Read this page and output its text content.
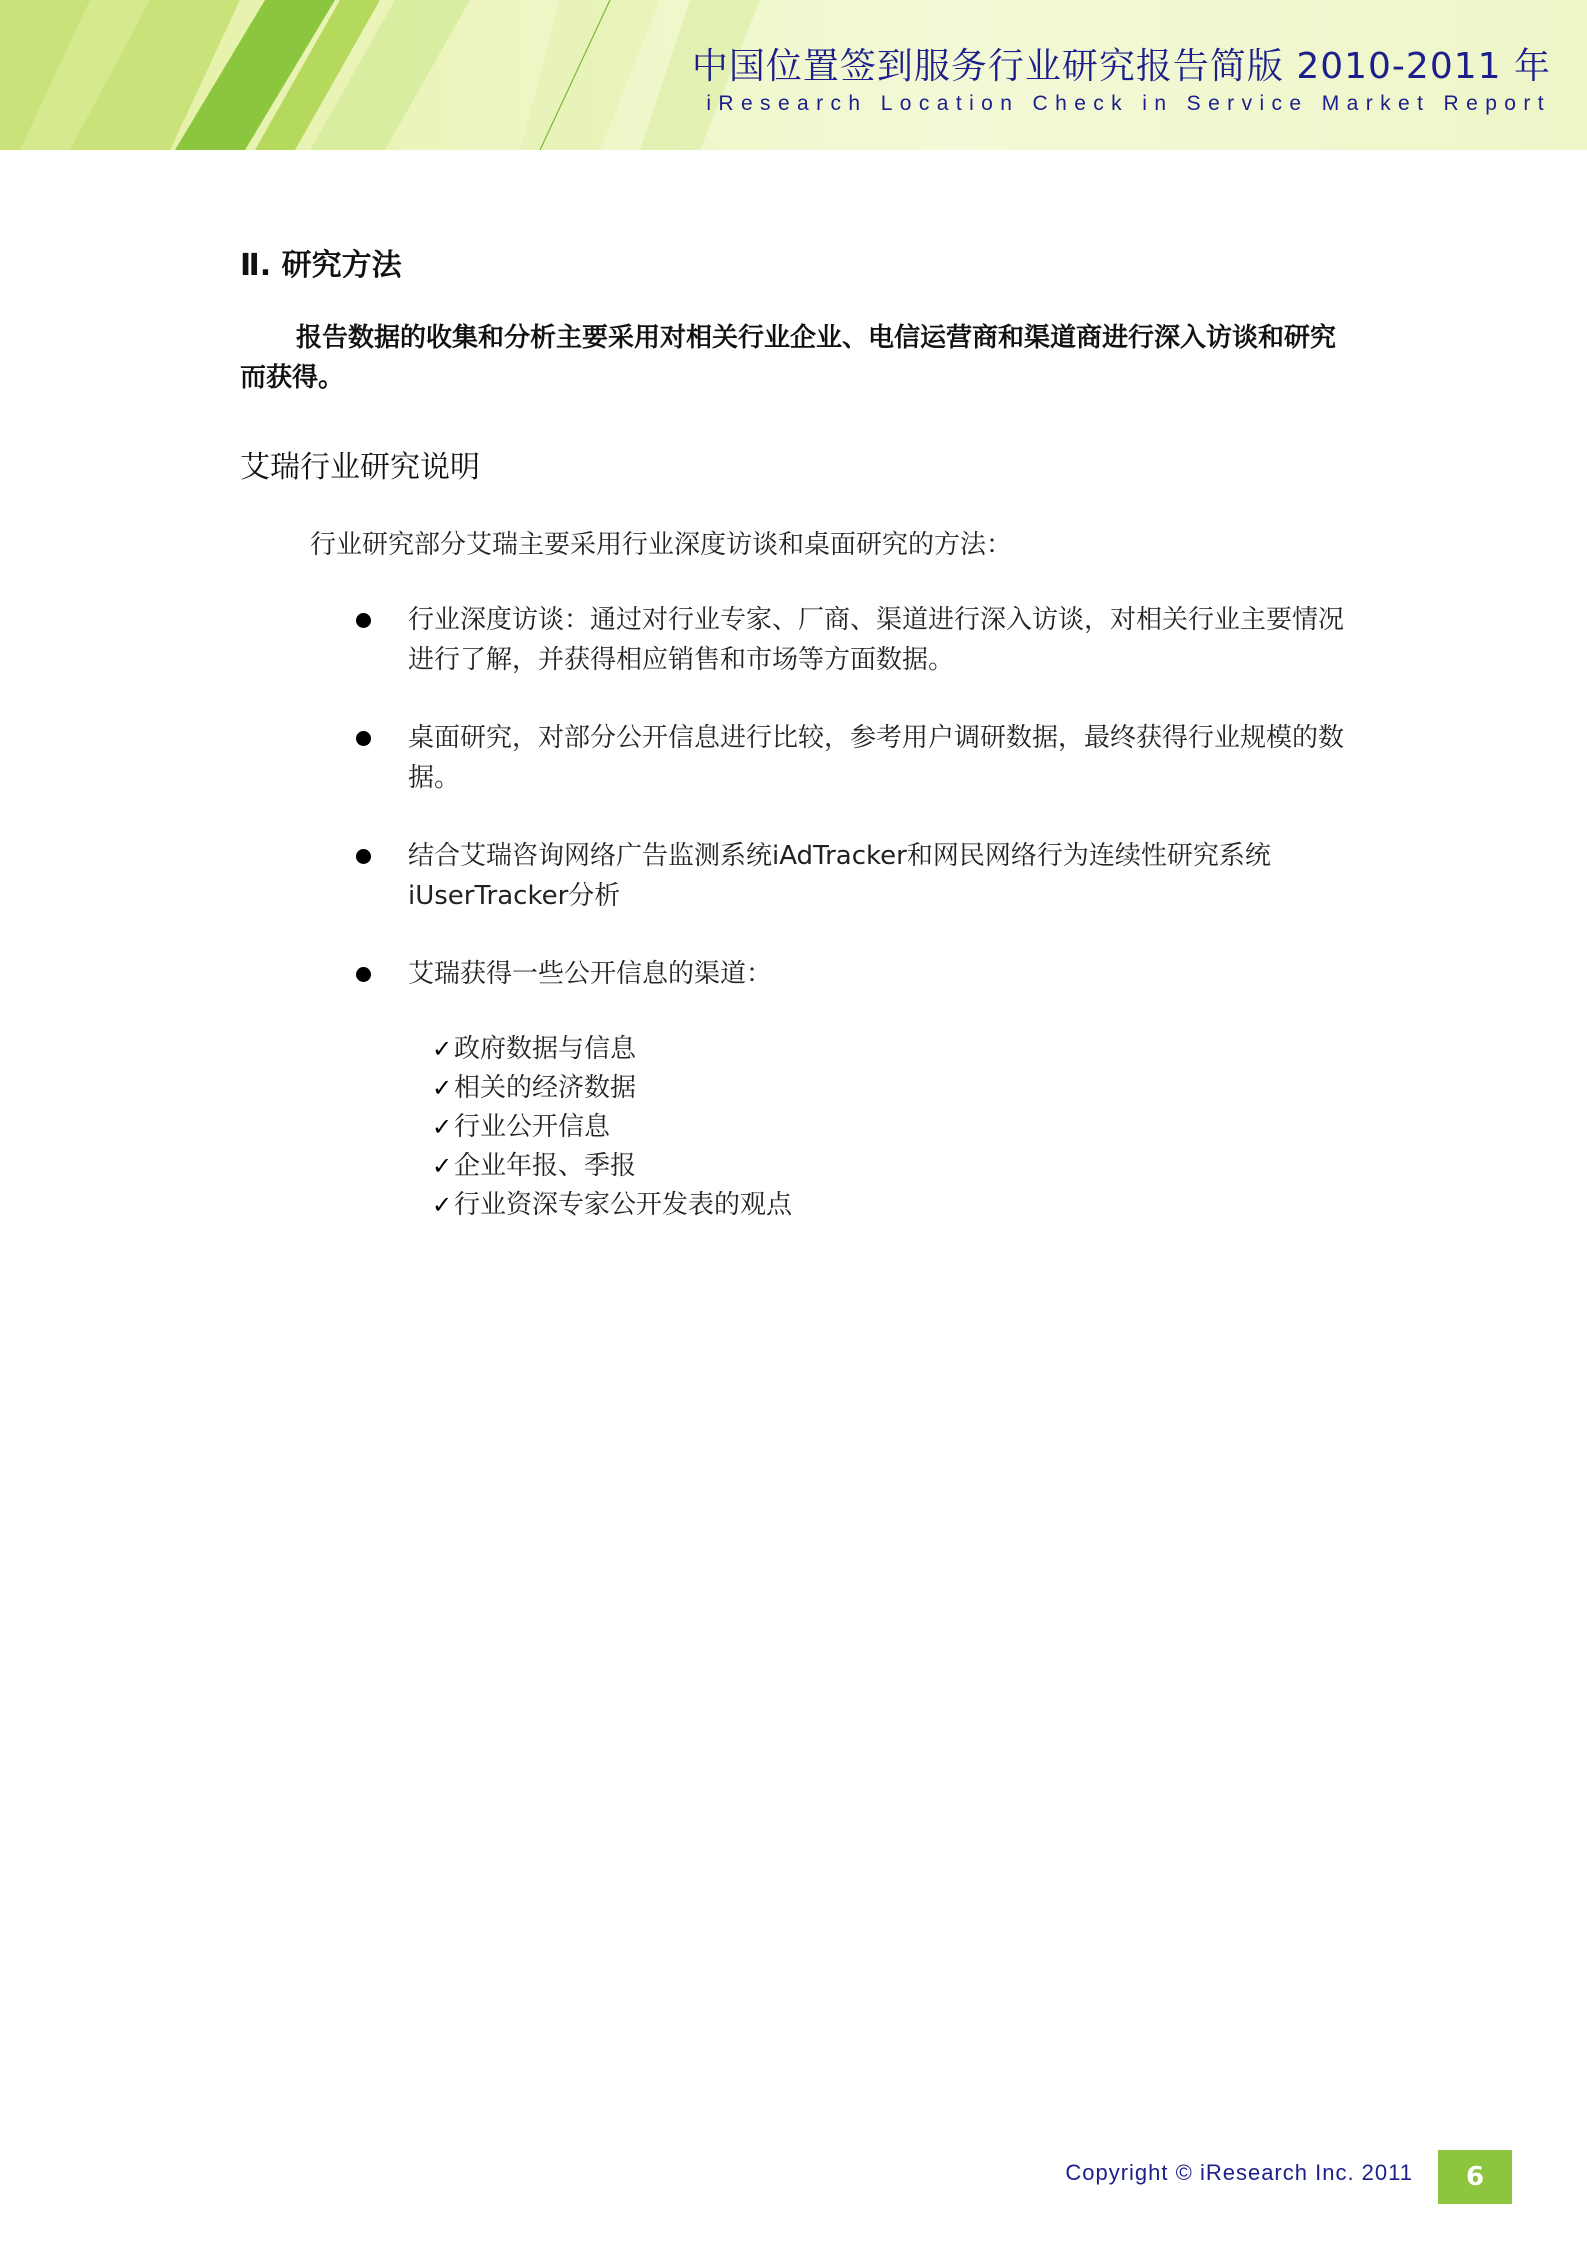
中国位置签到服务行业研究报告简版 2010-2011 年
iResearch Location Check in Service Market Report
Ⅱ. 研究方法
报告数据的收集和分析主要采用对相关行业企业、电信运营商和渠道商进行深入访谈和研究而获得。
艾瑞行业研究说明
行业研究部分艾瑞主要采用行业深度访谈和桌面研究的方法：
行业深度访谈：通过对行业专家、厂商、渠道进行深入访谈，对相关行业主要情况进行了解，并获得相应销售和市场等方面数据。
桌面研究，对部分公开信息进行比较，参考用户调研数据，最终获得行业规模的数据。
结合艾瑞咨询网络广告监测系统iAdTracker和网民网络行为连续性研究系统iUserTracker分析
艾瑞获得一些公开信息的渠道：
✓政府数据与信息
✓相关的经济数据
✓行业公开信息
✓企业年报、季报
✓行业资深专家公开发表的观点
Copyright © iResearch Inc. 2011	6
